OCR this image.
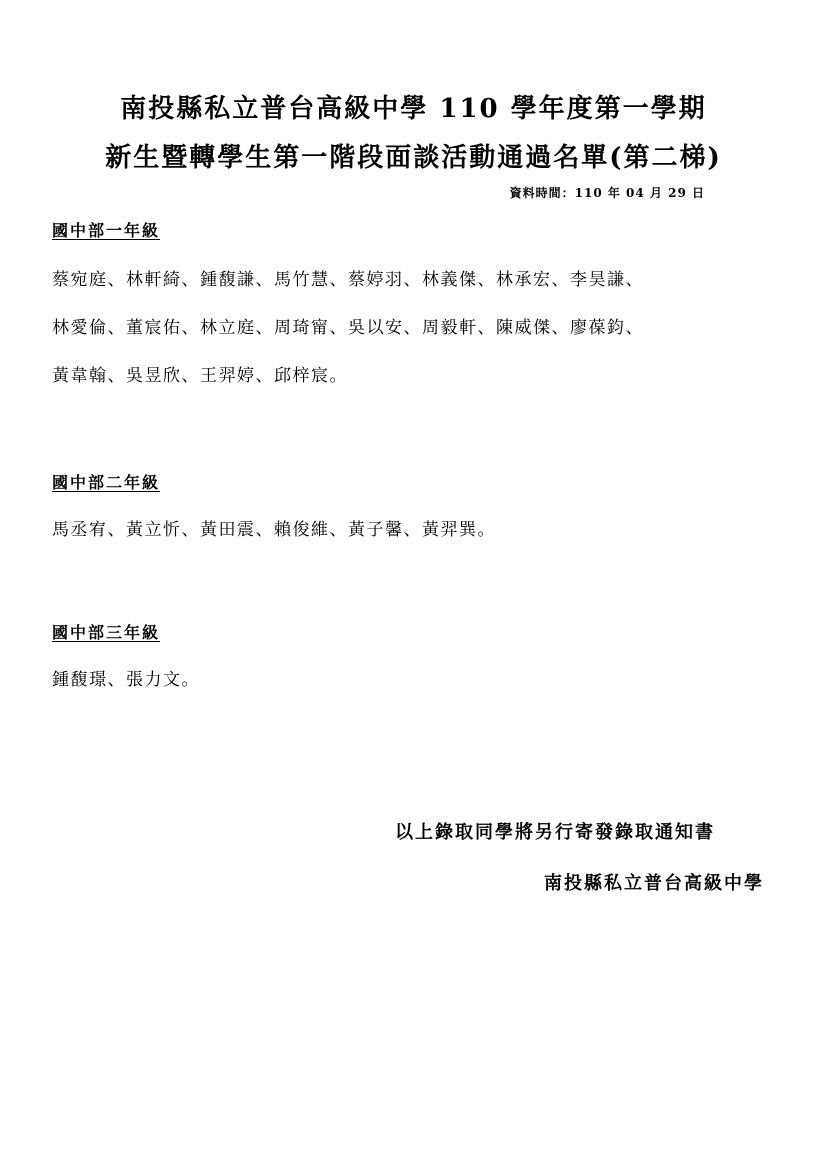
南投縣私立普台高級中學 110 學年度第一學期
新生暨轉學生第一階段面談活動通過名單(第二梯)
資料時間：110 年 04 月 29 日
國中部一年級
蔡宛庭、林軒綺、鍾馥謙、馬竹慧、蔡婷羽、林義傑、林承宏、李昊謙、
林愛倫、董宸佑、林立庭、周琦甯、吳以安、周毅軒、陳威傑、廖葆鈞、
黃韋翰、吳昱欣、王羿婷、邱梓宸。
國中部二年級
馬丞宥、黃立忻、黃田震、賴俊維、黃子馨、黃羿巽。
國中部三年級
鍾馥璟、張力文。
以上錄取同學將另行寄發錄取通知書
南投縣私立普台高級中學
